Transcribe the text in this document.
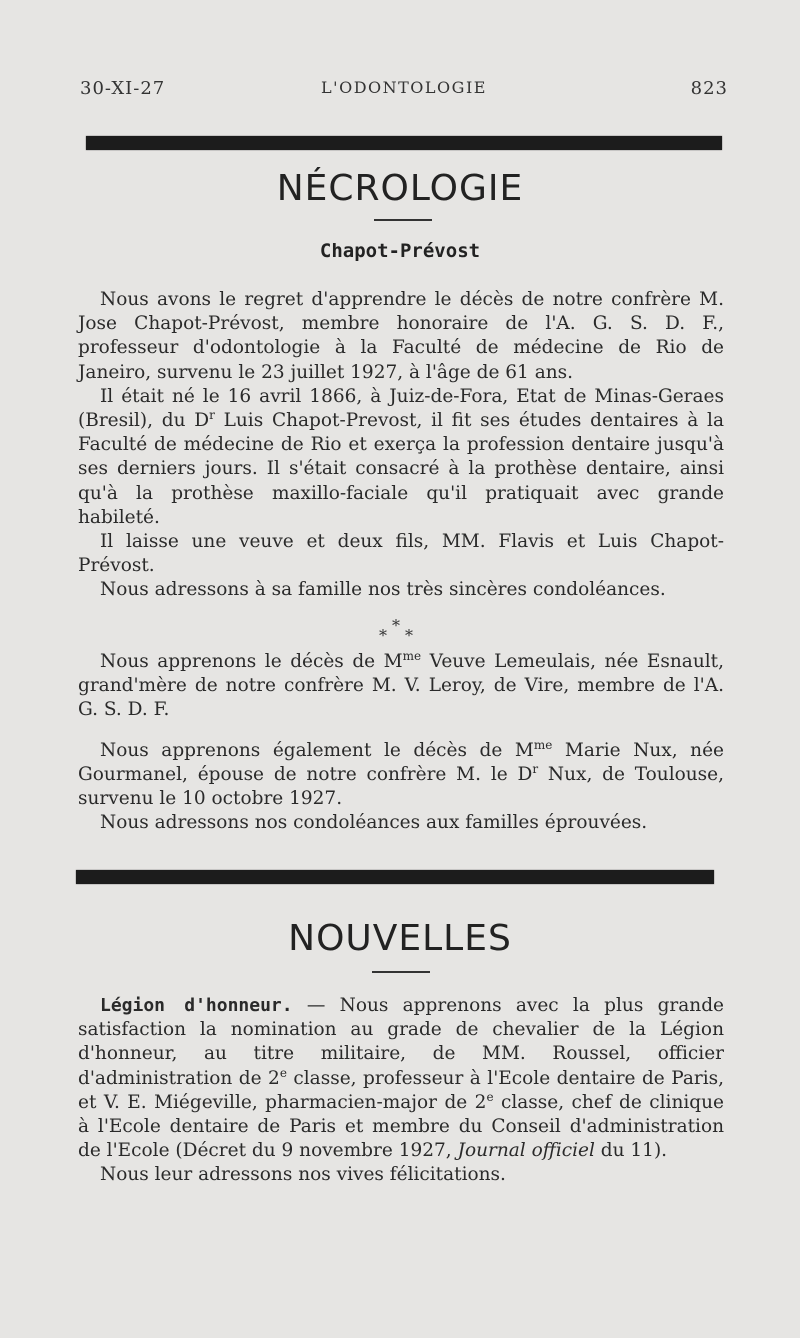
30-XI-27	L'ODONTOLOGIE	823
NÉCROLOGIE
Chapot-Prévost

Nous avons le regret d'apprendre le décès de notre confrère M. Jose Chapot-Prévost, membre honoraire de l'A. G. S. D. F., professeur d'odontologie à la Faculté de médecine de Rio de Janeiro, survenu le 23 juillet 1927, à l'âge de 61 ans.

Il était né le 16 avril 1866, à Juiz-de-Fora, Etat de Minas-Geraes (Bresil), du $D^r$ Luis Chapot-Prevost, il fit ses études dentaires à la Faculté de médecine de Rio et exerça la profession dentaire jusqu'à ses derniers jours. Il s'était consacré à la prothèse dentaire, ainsi qu'à la prothèse maxillo-faciale qu'il pratiquait avec grande habileté.

Il laisse une veuve et deux fils, MM. Flavis et Luis Chapot-Prévost.

Nous adressons à sa famille nos très sincères condoléances.

*
* *

Nous apprenons le décès de $M^{me}$ Veuve Lemeulais, née Esnault, grand'mère de notre confrère M. V. Leroy, de Vire, membre de l'A. G. S. D. F.

Nous apprenons également le décès de $M^{me}$ Marie Nux, née Gourmanel, épouse de notre confrère M. le $D^r$ Nux, de Toulouse, survenu le 10 octobre 1927.

Nous adressons nos condoléances aux familles éprouvées.

NOUVELLES

Légion d'honneur. — Nous apprenons avec la plus grande satisfaction la nomination au grade de chevalier de la Légion d'honneur, au titre militaire, de MM. Roussel, officier d'administration de 2e classe, professeur à l'Ecole dentaire de Paris, et V. E. Miégeville, pharmacien-major de 2e classe, chef de clinique à l'Ecole dentaire de Paris et membre du Conseil d'administration de l'Ecole (Décret du 9 novembre 1927, Journal officiel du 11).

Nous leur adressons nos vives félicitations.
